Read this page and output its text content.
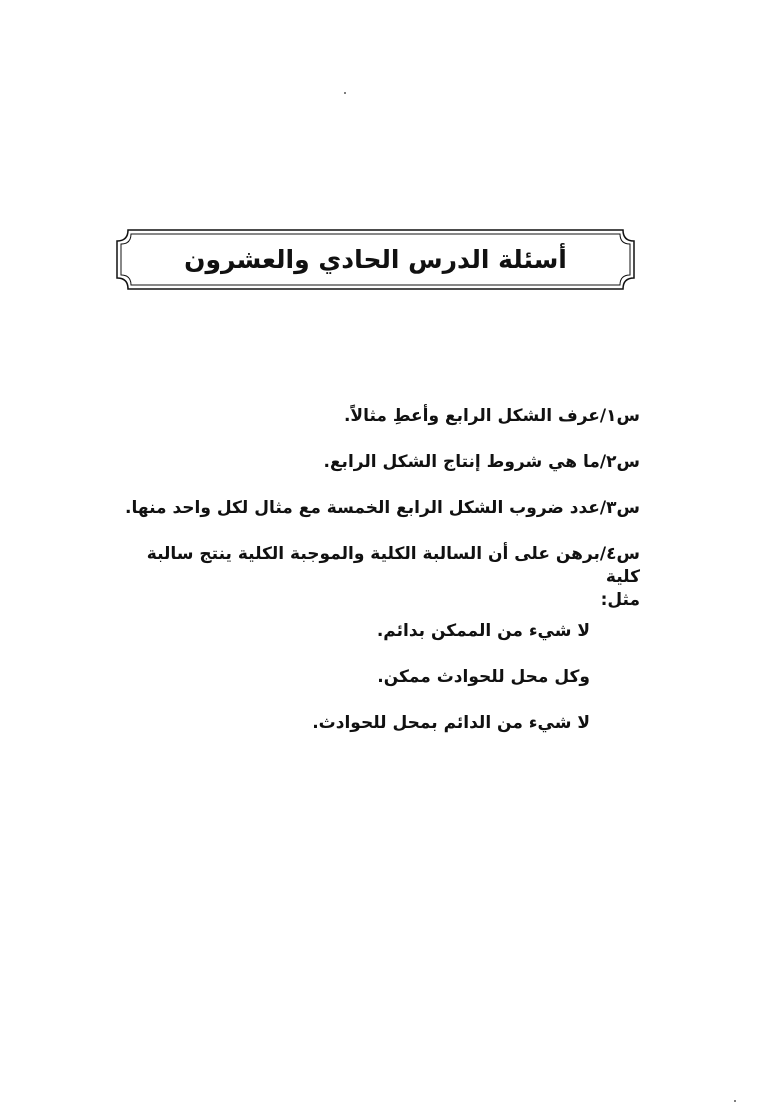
أسئلة الدرس الحادي والعشرون
س١/عرف الشكل الرابع وأعطِ مثالاً.
س٢/ما هي شروط إنتاج الشكل الرابع.
س٣/عدد ضروب الشكل الرابع الخمسة مع مثال لكل واحد منها.
س٤/برهن على أن السالبة الكلية والموجبة الكلية ينتج سالبة كلية
مثل:
لا شيء من الممكن بدائم.
وكل محل للحوادث ممكن.
لا شيء من الدائم بمحل للحوادث.
